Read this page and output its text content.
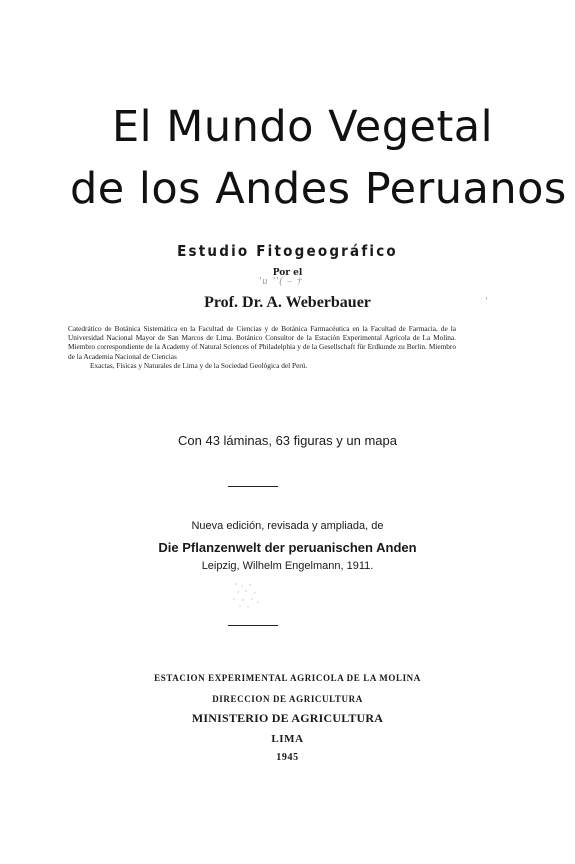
El Mundo Vegetal
de los Andes Peruanos
Estudio Fitogeográfico
Por el
’u ’’( – †
Prof. Dr. A. Weberbauer
Catedrático de Botánica Sistemática en la Facultad de Ciencias y de Botánica Farmacéutica en la Facultad de Farmacia, de la Universidad Nacional Mayor de San Marcos de Lima. Botánico Consultor de la Estación Experimental Agrícola de La Molina. Miembro correspondiente de la Academy of Natural Sciences of Philadelphia y de la Gesellschaft für Erdkunde zu Berlin. Miembro de la Academia Nacional de Ciencias
Exactas, Físicas y Naturales de Lima y de la Sociedad Geológica del Perú.
Con 43 láminas, 63 figuras y un mapa
Nueva edición, revisada y ampliada, de
Die Pflanzenwelt der peruanischen Anden
Leipzig, Wilhelm Engelmann, 1911.
ESTACION EXPERIMENTAL AGRICOLA DE LA MOLINA
DIRECCION DE AGRICULTURA
MINISTERIO DE AGRICULTURA
LIMA
1945
